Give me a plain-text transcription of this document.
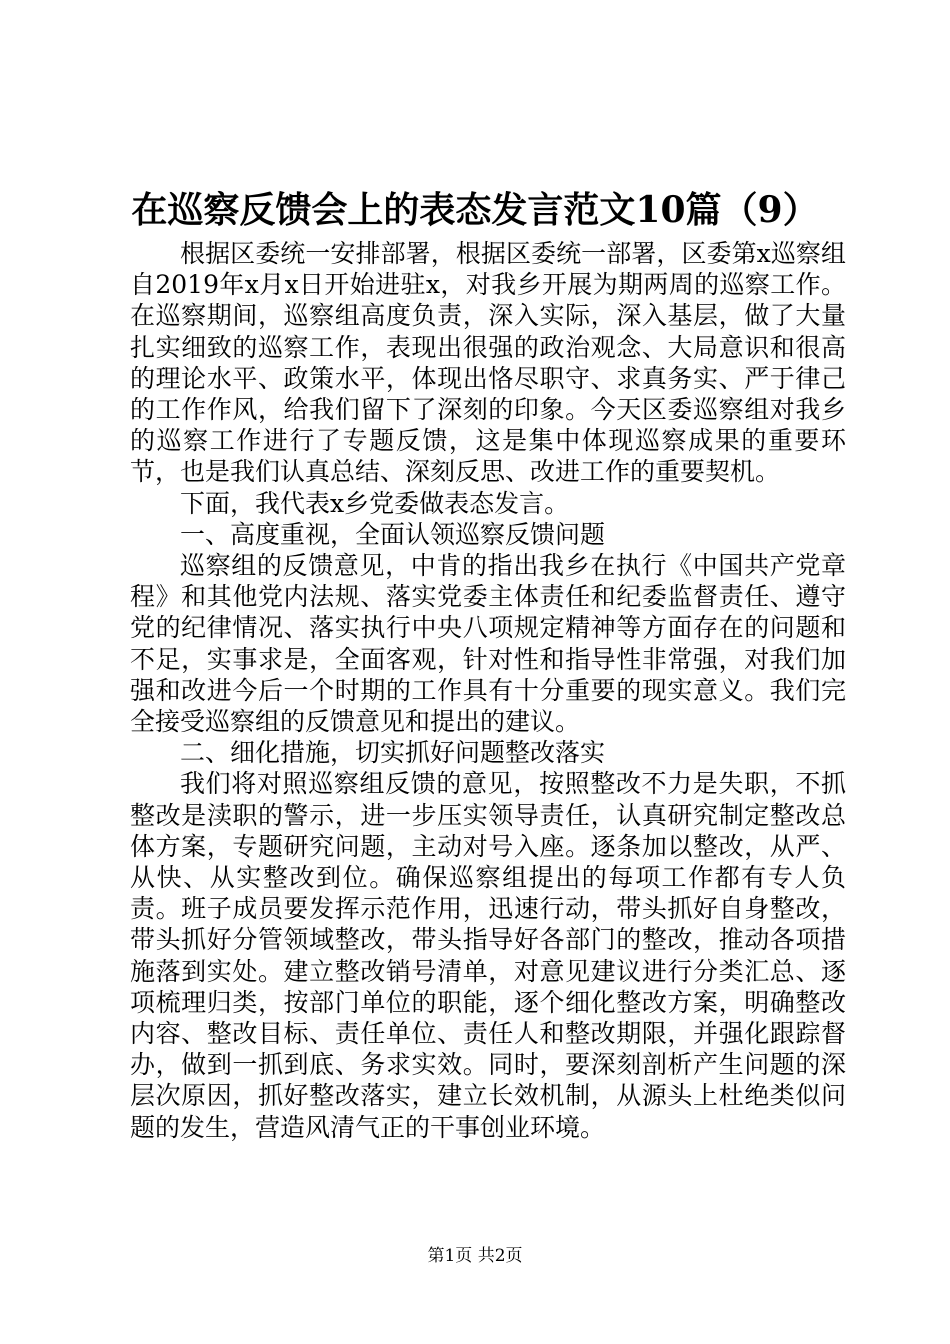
在巡察反馈会上的表态发言范文10篇（9）

根据区委统一安排部署，根据区委统一部署，区委第x巡察组自2019年x月x日开始进驻x，对我乡开展为期两周的巡察工作。在巡察期间，巡察组高度负责，深入实际，深入基层，做了大量扎实细致的巡察工作，表现出很强的政治观念、大局意识和很高的理论水平、政策水平，体现出恪尽职守、求真务实、严于律己的工作作风，给我们留下了深刻的印象。今天区委巡察组对我乡的巡察工作进行了专题反馈，这是集中体现巡察成果的重要环节，也是我们认真总结、深刻反思、改进工作的重要契机。

下面，我代表x乡党委做表态发言。

一、高度重视，全面认领巡察反馈问题

巡察组的反馈意见，中肯的指出我乡在执行《中国共产党章程》和其他党内法规、落实党委主体责任和纪委监督责任、遵守党的纪律情况、落实执行中央八项规定精神等方面存在的问题和不足，实事求是，全面客观，针对性和指导性非常强，对我们加强和改进今后一个时期的工作具有十分重要的现实意义。我们完全接受巡察组的反馈意见和提出的建议。

二、细化措施，切实抓好问题整改落实

我们将对照巡察组反馈的意见，按照整改不力是失职，不抓整改是渎职的警示，进一步压实领导责任，认真研究制定整改总体方案，专题研究问题，主动对号入座。逐条加以整改，从严、从快、从实整改到位。确保巡察组提出的每项工作都有专人负责。班子成员要发挥示范作用，迅速行动，带头抓好自身整改，带头抓好分管领域整改，带头指导好各部门的整改，推动各项措施落到实处。建立整改销号清单，对意见建议进行分类汇总、逐项梳理归类，按部门单位的职能，逐个细化整改方案，明确整改内容、整改目标、责任单位、责任人和整改期限，并强化跟踪督办，做到一抓到底、务求实效。同时，要深刻剖析产生问题的深层次原因，抓好整改落实，建立长效机制，从源头上杜绝类似问题的发生，营造风清气正的干事创业环境。

第1页 共2页
